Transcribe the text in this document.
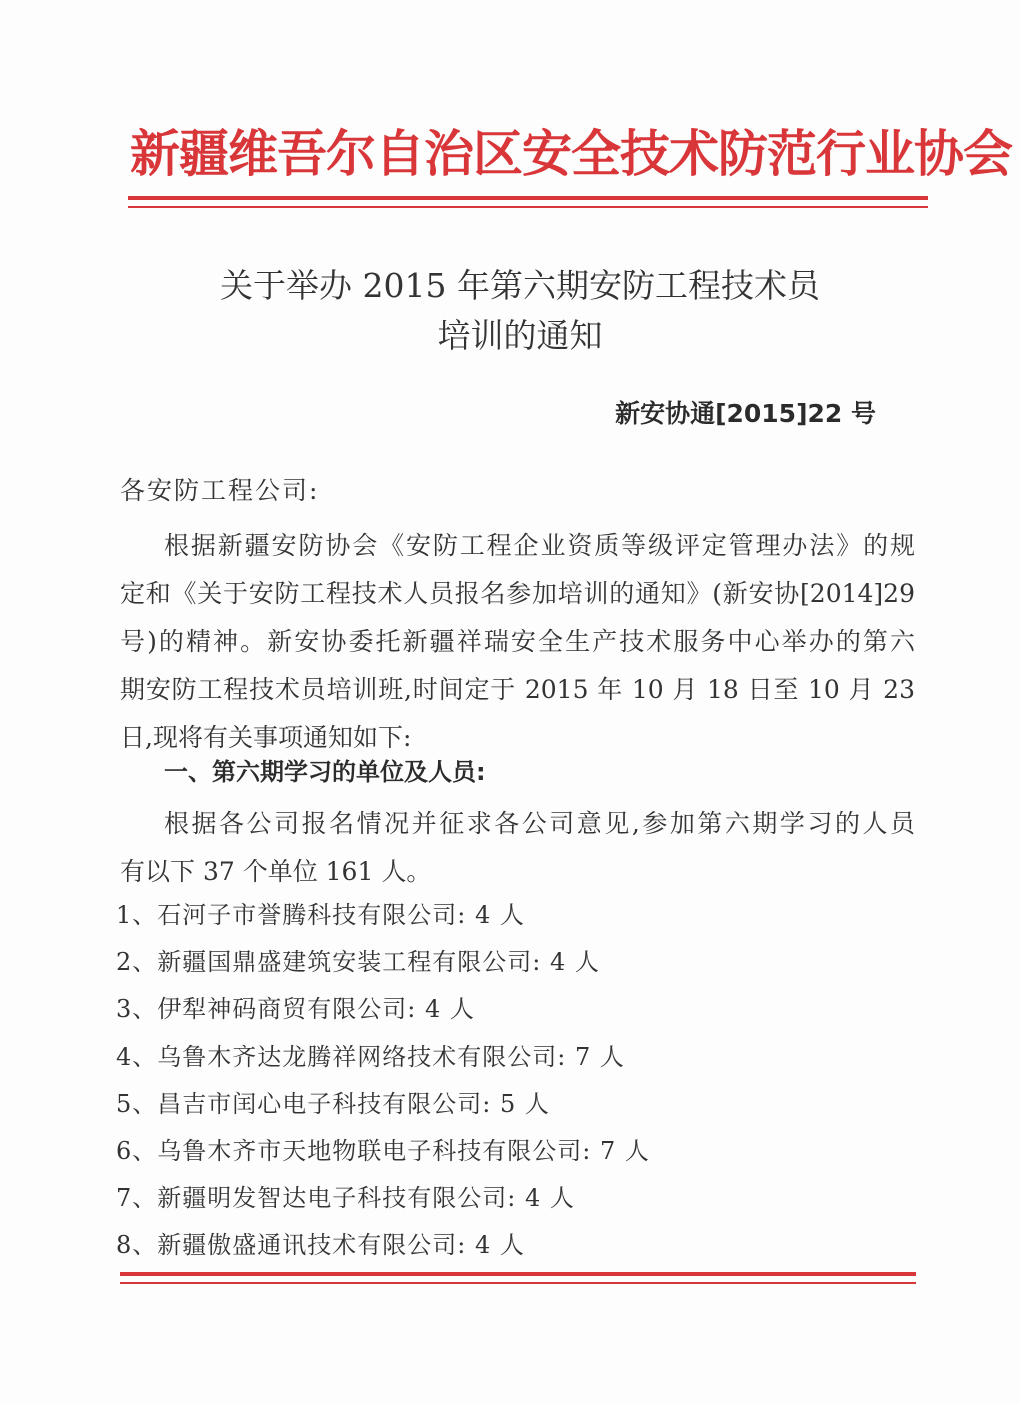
新疆维吾尔自治区安全技术防范行业协会
关于举办 2015 年第六期安防工程技术员
培训的通知
新安协通[2015]22 号
各安防工程公司:
根据新疆安防协会《安防工程企业资质等级评定管理办法》的规
定和《关于安防工程技术人员报名参加培训的通知》(新安协[2014]29
号)的精神。新安协委托新疆祥瑞安全生产技术服务中心举办的第六
期安防工程技术员培训班,时间定于 2015 年 10 月 18 日至 10 月 23
日,现将有关事项通知如下:
一、第六期学习的单位及人员:
根据各公司报名情况并征求各公司意见,参加第六期学习的人员
有以下 37 个单位 161 人。
1、石河子市誉腾科技有限公司: 4 人
2、新疆国鼎盛建筑安装工程有限公司: 4 人
3、伊犁神码商贸有限公司: 4 人
4、乌鲁木齐达龙腾祥网络技术有限公司: 7 人
5、昌吉市闰心电子科技有限公司: 5 人
6、乌鲁木齐市天地物联电子科技有限公司: 7 人
7、新疆明发智达电子科技有限公司: 4 人
8、新疆傲盛通讯技术有限公司: 4 人
